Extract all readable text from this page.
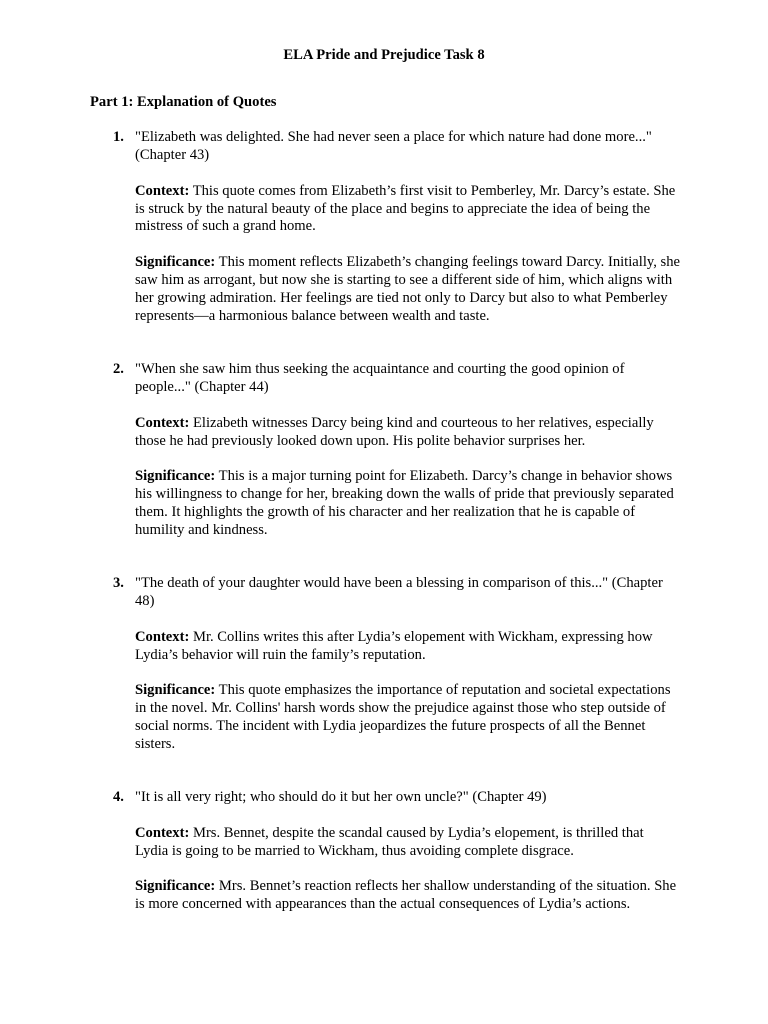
ELA Pride and Prejudice Task 8
Part 1: Explanation of Quotes
1. "Elizabeth was delighted. She had never seen a place for which nature had done more..." (Chapter 43)

Context: This quote comes from Elizabeth’s first visit to Pemberley, Mr. Darcy’s estate. She is struck by the natural beauty of the place and begins to appreciate the idea of being the mistress of such a grand home.

Significance: This moment reflects Elizabeth’s changing feelings toward Darcy. Initially, she saw him as arrogant, but now she is starting to see a different side of him, which aligns with her growing admiration. Her feelings are tied not only to Darcy but also to what Pemberley represents—a harmonious balance between wealth and taste.

2. "When she saw him thus seeking the acquaintance and courting the good opinion of people..." (Chapter 44)

Context: Elizabeth witnesses Darcy being kind and courteous to her relatives, especially those he had previously looked down upon. His polite behavior surprises her.

Significance: This is a major turning point for Elizabeth. Darcy’s change in behavior shows his willingness to change for her, breaking down the walls of pride that previously separated them. It highlights the growth of his character and her realization that he is capable of humility and kindness.

3. "The death of your daughter would have been a blessing in comparison of this..." (Chapter 48)

Context: Mr. Collins writes this after Lydia’s elopement with Wickham, expressing how Lydia’s behavior will ruin the family’s reputation.

Significance: This quote emphasizes the importance of reputation and societal expectations in the novel. Mr. Collins' harsh words show the prejudice against those who step outside of social norms. The incident with Lydia jeopardizes the future prospects of all the Bennet sisters.

4. "It is all very right; who should do it but her own uncle?" (Chapter 49)

Context: Mrs. Bennet, despite the scandal caused by Lydia’s elopement, is thrilled that Lydia is going to be married to Wickham, thus avoiding complete disgrace.

Significance: Mrs. Bennet’s reaction reflects her shallow understanding of the situation. She is more concerned with appearances than the actual consequences of Lydia’s actions.
